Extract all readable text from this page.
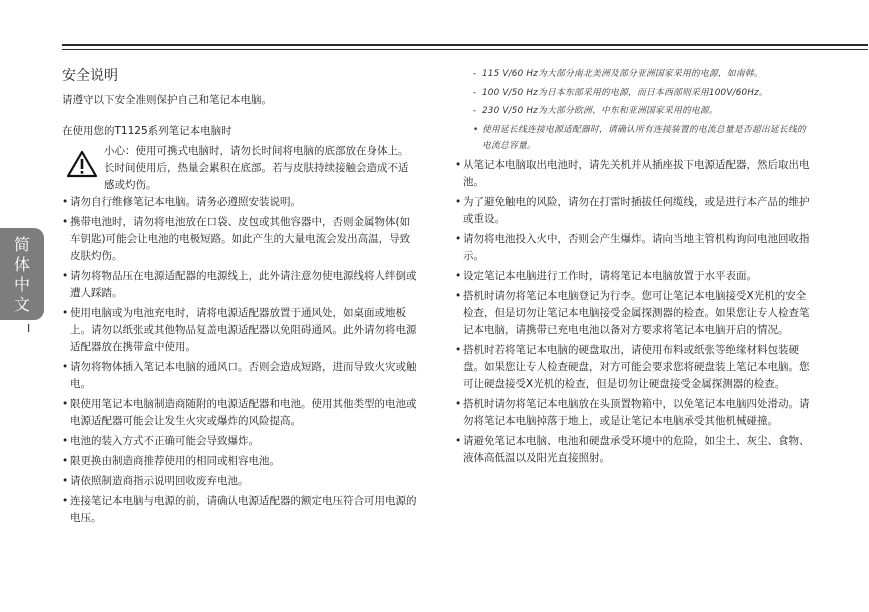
简
体
中
文
I
安全说明

请遵守以下安全准则保护自己和笔记本电脑。

在使用您的T1125系列笔记本电脑时

小心：使用可携式电脑时，请勿长时间将电脑的底部放在身体上。长时间使用后，热量会累积在底部。若与皮肤持续接触会造成不适感或灼伤。
• 请勿自行维修笔记本电脑。请务必遵照安装说明。
• 携带电池时，请勿将电池放在口袋、皮包或其他容器中，否则金属物体(如车钥匙)可能会让电池的电极短路。如此产生的大量电流会发出高温，导致皮肤灼伤。
• 请勿将物品压在电源适配器的电源线上，此外请注意勿使电源线将人绊倒或遭人踩踏。
• 使用电脑或为电池充电时，请将电源适配器放置于通风处，如桌面或地板上。请勿以纸张或其他物品复盖电源适配器以免阻碍通风。此外请勿将电源适配器放在携带盒中使用。
• 请勿将物体插入笔记本电脑的通风口。否则会造成短路，进而导致火灾或触电。
• 限使用笔记本电脑制造商随附的电源适配器和电池。使用其他类型的电池或电源适配器可能会让发生火灾或爆炸的风险提高。
• 电池的装入方式不正确可能会导致爆炸。
• 限更换由制造商推荐使用的相同或相容电池。
• 请依照制造商指示说明回收废弃电池。
• 连接笔记本电脑与电源的前，请确认电源适配器的额定电压符合可用电源的电压。
- 115 V/60 Hz为大部分南北美洲及部分亚洲国家采用的电源，如南韩。
- 100 V/50 Hz为日本东部采用的电源，而日本西部则采用100V/60Hz。
- 230 V/50 Hz为大部分欧洲、中东和亚洲国家采用的电源。
• 使用延长线连接电源适配器时，请确认所有连接装置的电流总量是否超出延长线的电流总容量。
• 从笔记本电脑取出电池时，请先关机并从插座拔下电源适配器，然后取出电池。
• 为了避免触电的风险，请勿在打雷时插拔任何缆线，或是进行本产品的维护或重设。
• 请勿将电池投入火中，否则会产生爆炸。请向当地主管机构询问电池回收指示。
• 设定笔记本电脑进行工作时，请将笔记本电脑放置于水平表面。
• 搭机时请勿将笔记本电脑登记为行李。您可让笔记本电脑接受X光机的安全检查，但是切勿让笔记本电脑接受金属探测器的检查。如果您让专人检查笔记本电脑，请携带已充电电池以备对方要求将笔记本电脑开启的情况。
• 搭机时若将笔记本电脑的硬盘取出，请使用布料或纸张等绝缘材料包装硬盘。如果您让专人检查硬盘，对方可能会要求您将硬盘装上笔记本电脑。您可让硬盘接受X光机的检查，但是切勿让硬盘接受金属探测器的检查。
• 搭机时请勿将笔记本电脑放在头顶置物箱中，以免笔记本电脑四处滑动。请勿将笔记本电脑掉落于地上，或是让笔记本电脑承受其他机械碰撞。
• 请避免笔记本电脑、电池和硬盘承受环境中的危险，如尘土、灰尘、食物、液体高低温以及阳光直接照射。
